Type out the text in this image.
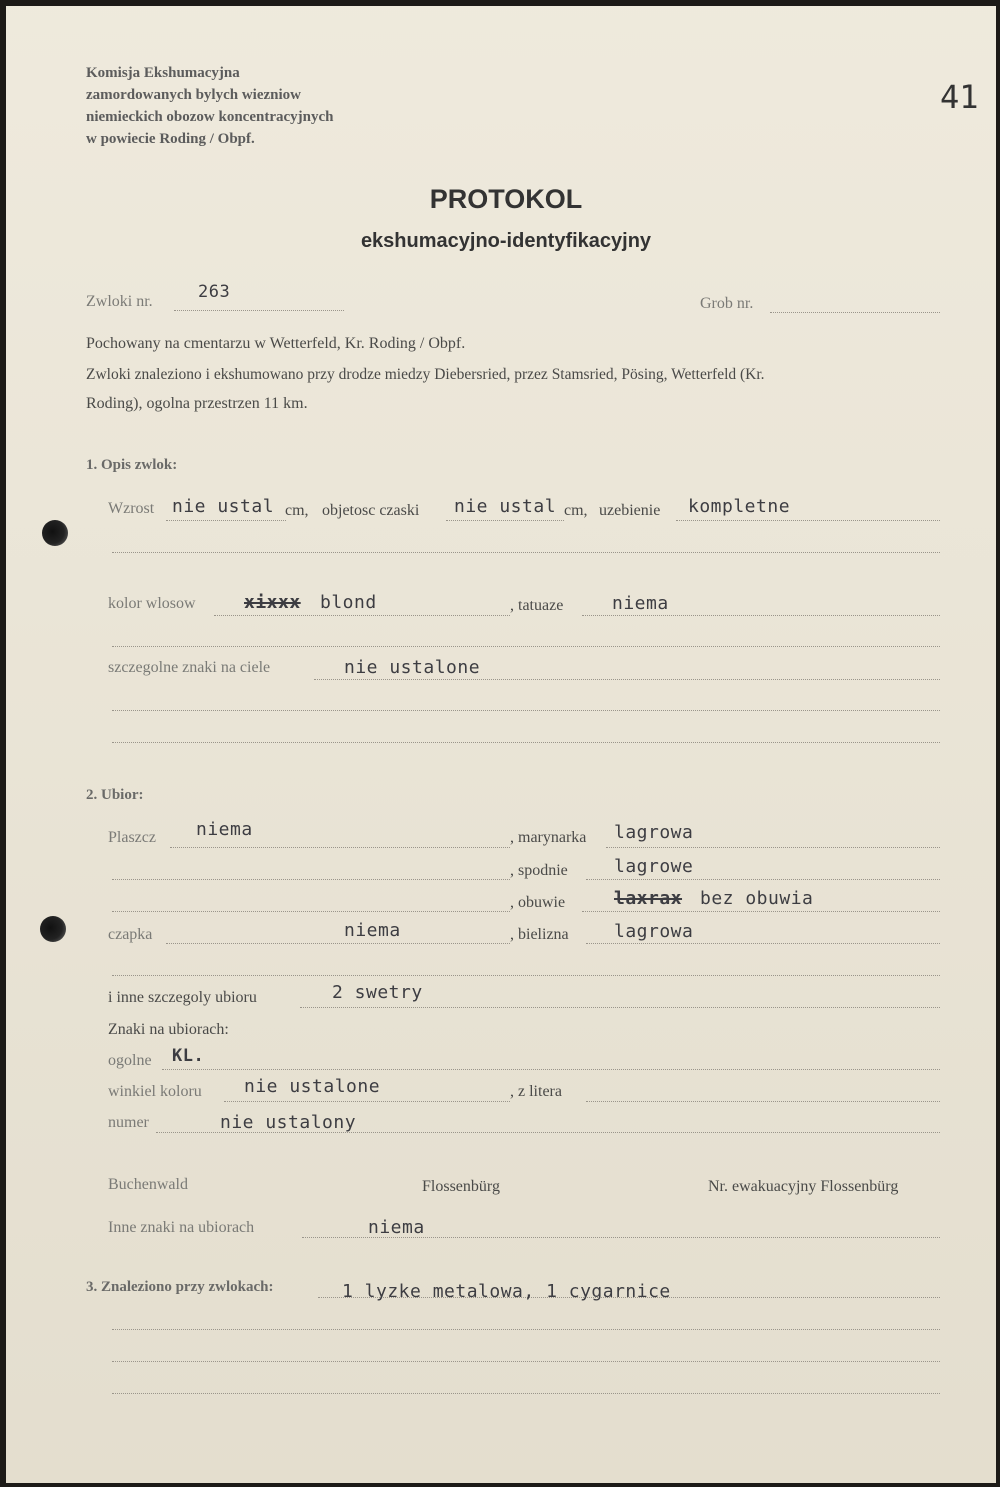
Komisja Ekshumacyjna
zamordowanych bylych wiezniow
niemieckich obozow koncentracyjnych
w powiecie Roding / Obpf.
41
PROTOKOL
ekshumacyjno-identyfikacyjny
Zwloki nr.	263
Grob nr.
Pochowany na cmentarzu w Wetterfeld, Kr. Roding / Obpf.
Zwloki znaleziono i ekshumowano przy drodze miedzy Diebersried, przez Stamsried, Pösing, Wetterfeld (Kr.
Roding), ogolna przestrzen 11 km.
1. Opis zwlok:
Wzrost nie ustal cm, objetosc czaski nie ustal cm, uzebienie kompletne
kolor wlosow	xixxx blond	, tatuaze	niema
szczegolne znaki na ciele	nie ustalone
2. Ubior:
Plaszcz niema	, marynarka lagrowa
, spodnie	lagrowe
, obuwie	laxrax bez obuwia
czapka	niema	, bielizna	lagrowa
i inne szczegoly ubioru	2 swetry
Znaki na ubiorach:
ogolne KL.
winkiel koloru nie ustalone	, z litera
numer	nie ustalony
Buchenwald	Flossenbürg	Nr. ewakuacyjny Flossenbürg
Inne znaki na ubiorach	niema
3. Znaleziono przy zwlokach:	1 lyzke metalowa, 1 cygarnice
